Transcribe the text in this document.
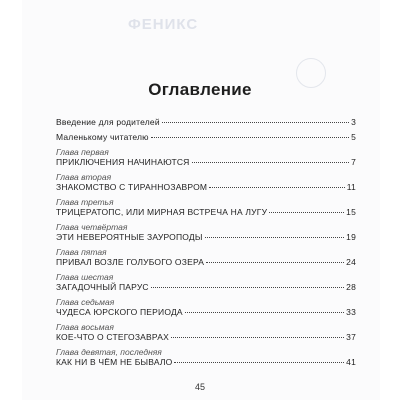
ФЕНИКС
Оглавление
Введение для родителей	3
Маленькому читателю	5
Глава первая
ПРИКЛЮЧЕНИЯ НАЧИНАЮТСЯ	7
Глава вторая
ЗНАКОМСТВО С ТИРАННОЗАВРОМ	11
Глава третья
ТРИЦЕРАТОПС, ИЛИ МИРНАЯ ВСТРЕЧА НА ЛУГУ	15
Глава четвёртая
ЭТИ НЕВЕРОЯТНЫЕ ЗАУРОПОДЫ	19
Глава пятая
ПРИВАЛ ВОЗЛЕ ГОЛУБОГО ОЗЕРА	24
Глава шестая
ЗАГАДОЧНЫЙ ПАРУС	28
Глава седьмая
ЧУДЕСА ЮРСКОГО ПЕРИОДА	33
Глава восьмая
КОЕ-ЧТО О СТЕГОЗАВРАХ	37
Глава девятая, последняя
КАК НИ В ЧЁМ НЕ БЫВАЛО	41
45
